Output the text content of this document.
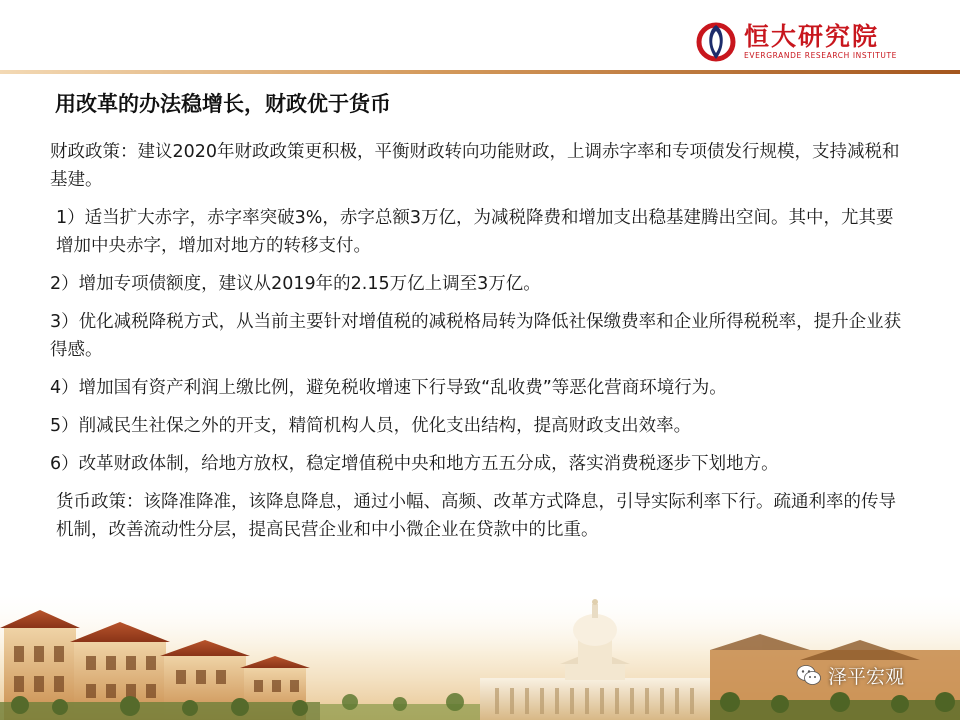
恒大研究院
EVERGRANDE RESEARCH INSTITUTE
用改革的办法稳增长，财政优于货币

财政政策：建议2020年财政政策更积极，平衡财政转向功能财政，上调赤字率和专项债发行规模，支持减税和基建。

1）适当扩大赤字，赤字率突破3%，赤字总额3万亿，为减税降费和增加支出稳基建腾出空间。其中，尤其要增加中央赤字，增加对地方的转移支付。

2）增加专项债额度，建议从2019年的2.15万亿上调至3万亿。

3）优化减税降税方式，从当前主要针对增值税的减税格局转为降低社保缴费率和企业所得税税率，提升企业获得感。

4）增加国有资产利润上缴比例，避免税收增速下行导致“乱收费”等恶化营商环境行为。

5）削减民生社保之外的开支，精简机构人员，优化支出结构，提高财政支出效率。

6）改革财政体制，给地方放权，稳定增值税中央和地方五五分成，落实消费税逐步下划地方。

货币政策：该降准降准，该降息降息，通过小幅、高频、改革方式降息，引导实际利率下行。疏通利率的传导机制，改善流动性分层，提高民营企业和中小微企业在贷款中的比重。

泽平宏观
